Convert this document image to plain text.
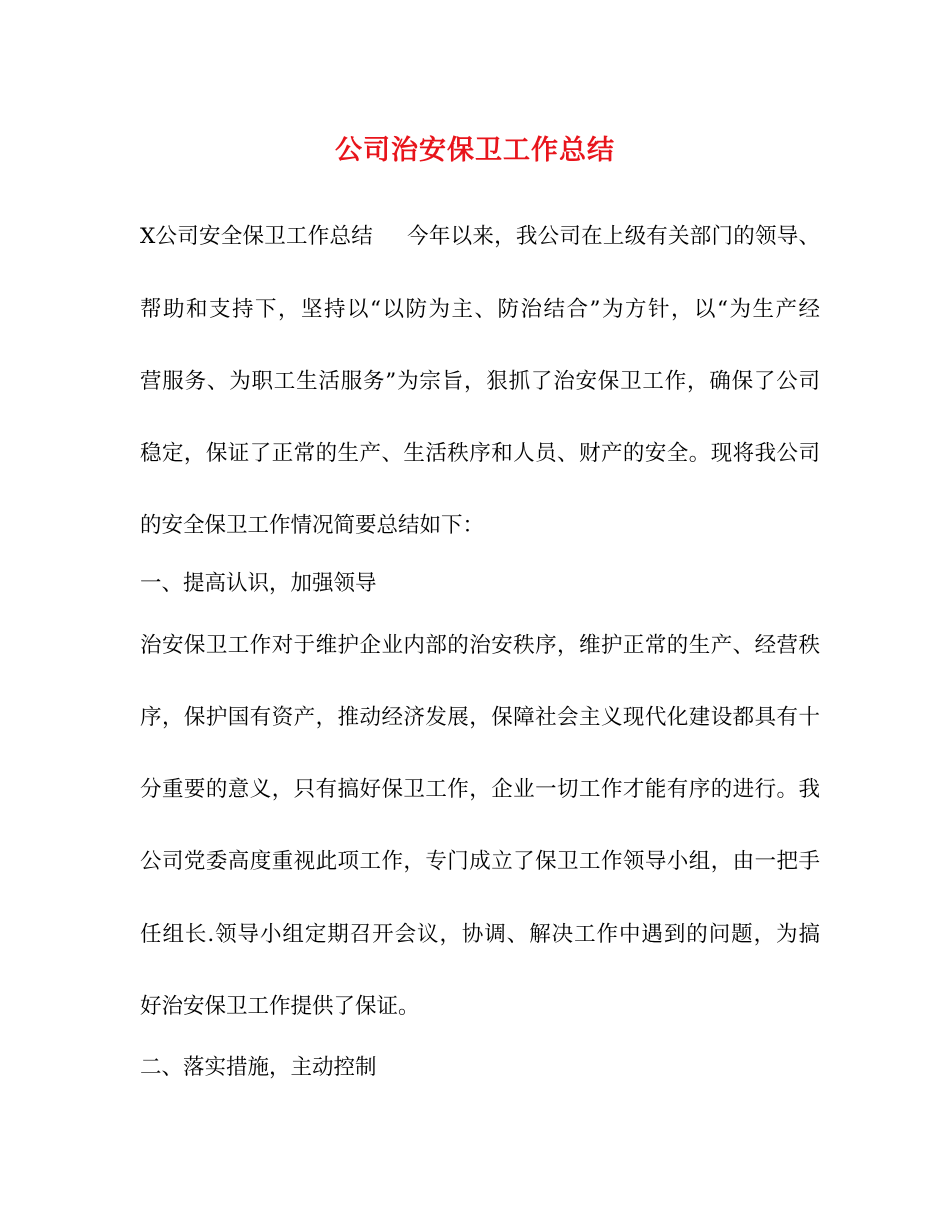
公司治安保卫工作总结
X公司安全保卫工作总结 今年以来，我公司在上级有关部门的领导、
帮助和支持下，坚持以“以防为主、防治结合”为方针，以“为生产经
营服务、为职工生活服务”为宗旨，狠抓了治安保卫工作，确保了公司
稳定，保证了正常的生产、生活秩序和人员、财产的安全。现将我公司
的安全保卫工作情况简要总结如下：
一、提高认识，加强领导
治安保卫工作对于维护企业内部的治安秩序，维护正常的生产、经营秩
序，保护国有资产，推动经济发展，保障社会主义现代化建设都具有十
分重要的意义，只有搞好保卫工作，企业一切工作才能有序的进行。我
公司党委高度重视此项工作，专门成立了保卫工作领导小组，由一把手
任组长.领导小组定期召开会议，协调、解决工作中遇到的问题，为搞
好治安保卫工作提供了保证。
二、落实措施，主动控制
